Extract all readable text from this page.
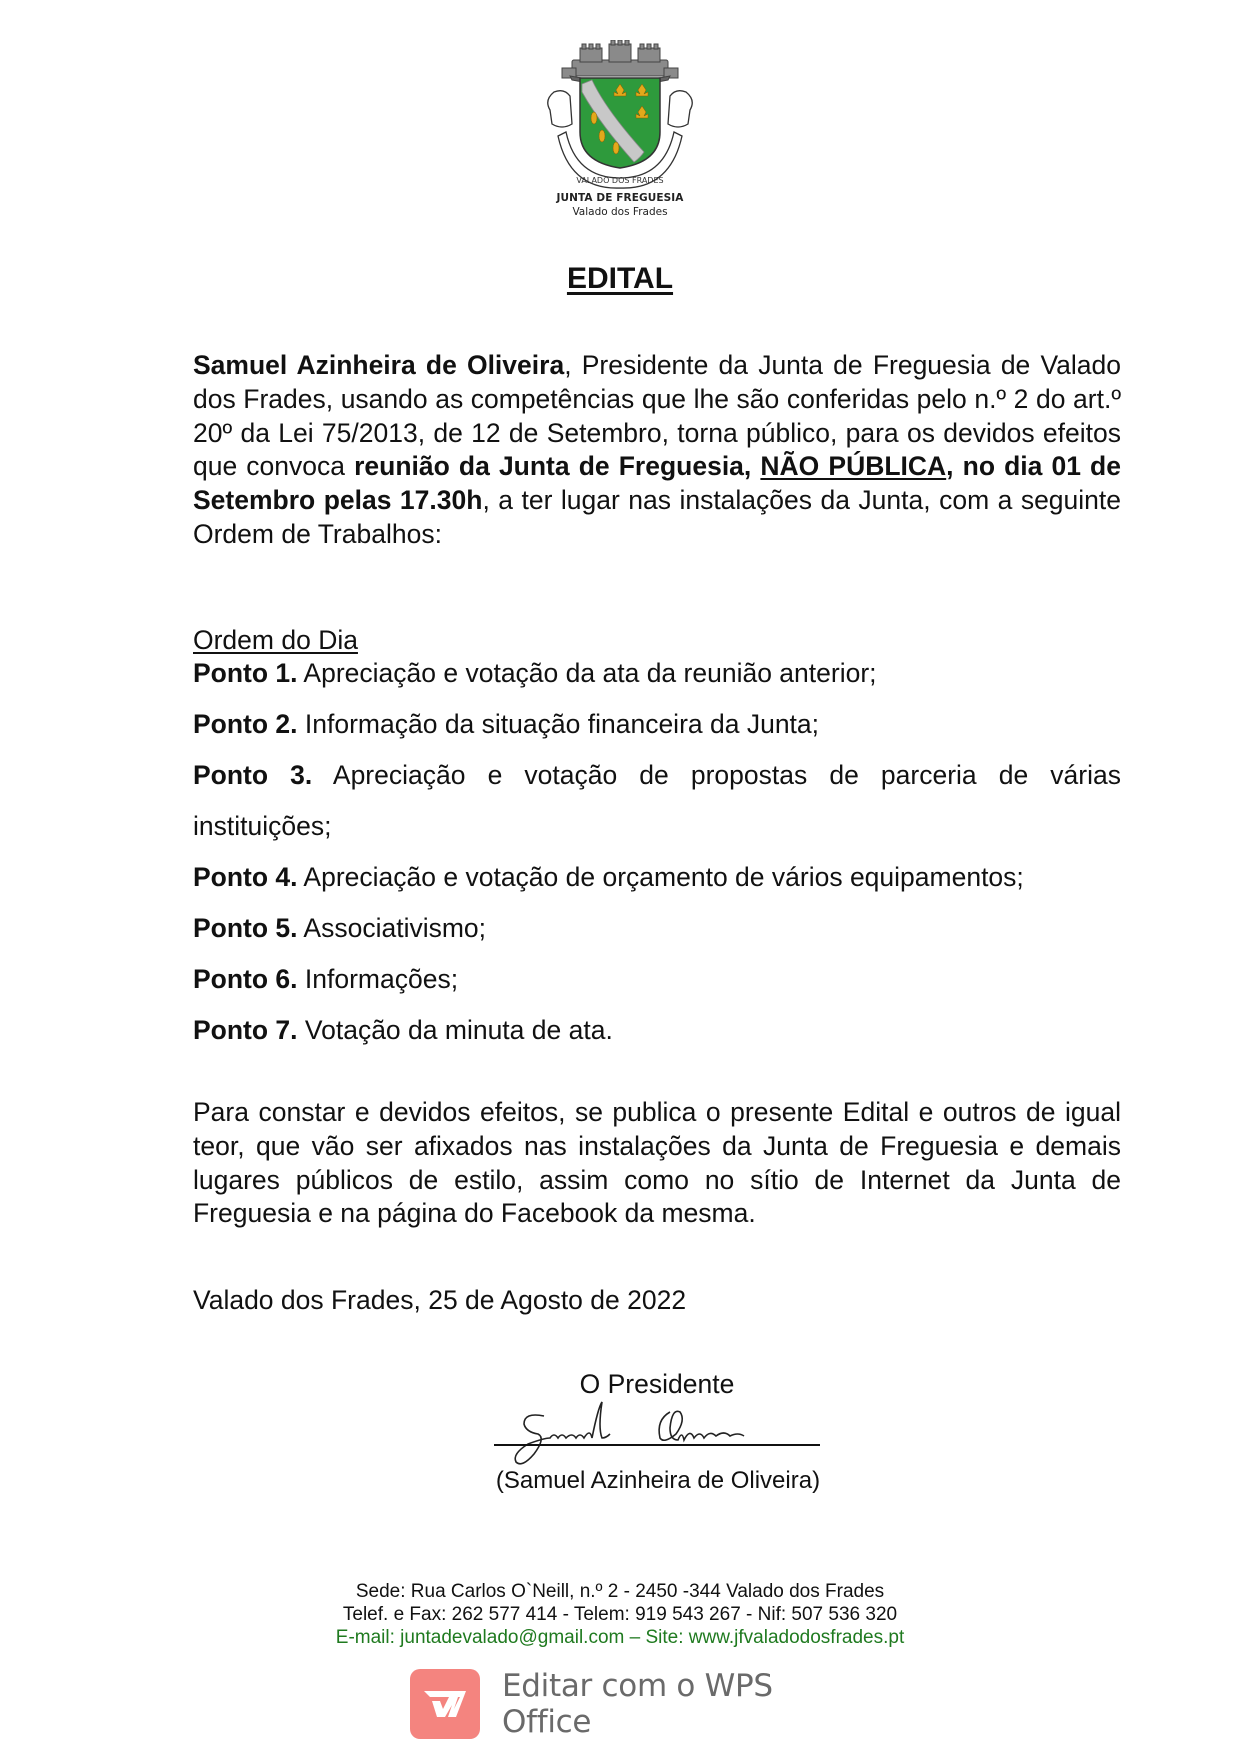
VALADO DOS FRADES
JUNTA DE FREGUESIA
Valado dos Frades
EDITAL
Samuel Azinheira de Oliveira, Presidente da Junta de Freguesia de Valado dos Frades, usando as competências que lhe são conferidas pelo n.º 2 do art.º 20º da Lei 75/2013, de 12 de Setembro, torna público, para os devidos efeitos que convoca reunião da Junta de Freguesia, NÃO PÚBLICA, no dia 01 de Setembro pelas 17.30h, a ter lugar nas instalações da Junta, com a seguinte Ordem de Trabalhos:
Ordem do Dia
Ponto 1. Apreciação e votação da ata da reunião anterior;
Ponto 2. Informação da situação financeira da Junta;
Ponto 3. Apreciação e votação de propostas de parceria de várias
instituições;
Ponto 4. Apreciação e votação de orçamento de vários equipamentos;
Ponto 5. Associativismo;
Ponto 6. Informações;
Ponto 7. Votação da minuta de ata.
Para constar e devidos efeitos, se publica o presente Edital e outros de igual teor, que vão ser afixados nas instalações da Junta de Freguesia e demais lugares públicos de estilo, assim como no sítio de Internet da Junta de Freguesia e na página do Facebook da mesma.
Valado dos Frades, 25 de Agosto de 2022
O Presidente
(Samuel Azinheira de Oliveira)
Sede: Rua Carlos O`Neill, n.º 2 - 2450 -344 Valado dos Frades
Telef. e Fax: 262 577 414 - Telem: 919 543 267 - Nif: 507 536 320
E-mail: juntadevalado@gmail.com – Site: www.jfvaladodosfrades.pt
Editar com o WPS Office
